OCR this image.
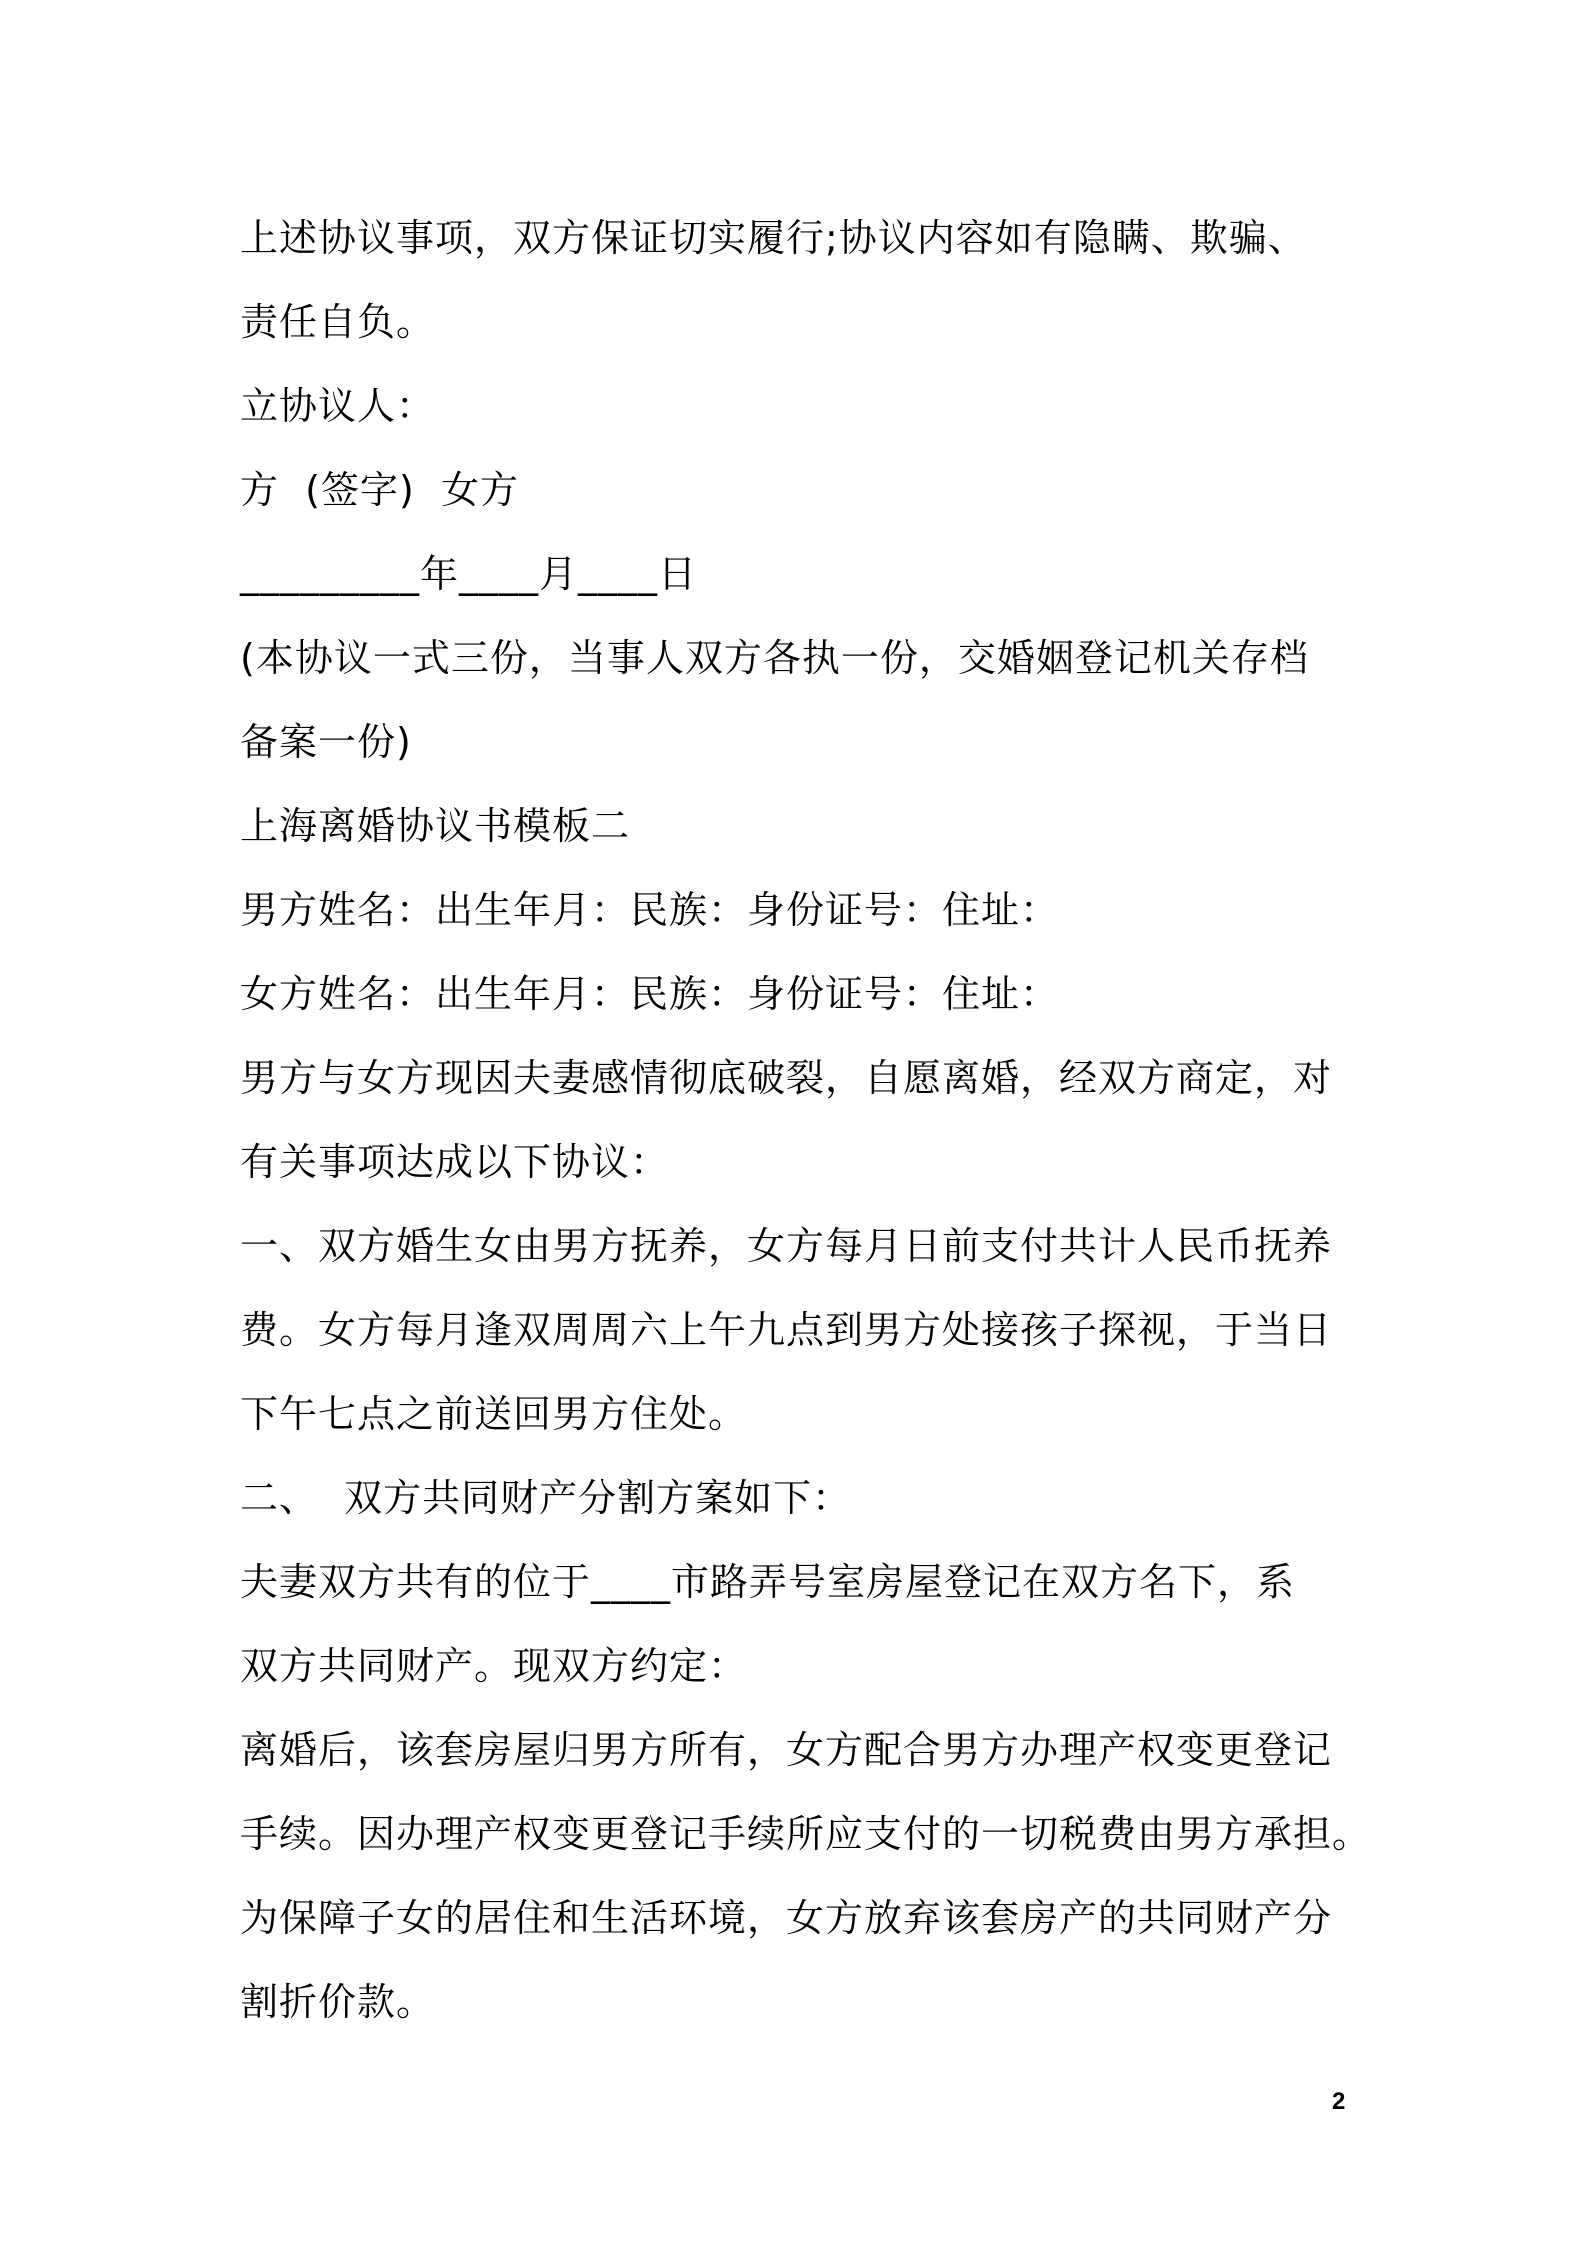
上述协议事项，双方保证切实履行;协议内容如有隐瞒、欺骗、
责任自负。
立协议人：
方  (签字)  女方
_________年____月____日
(本协议一式三份，当事人双方各执一份，交婚姻登记机关存档
备案一份)
上海离婚协议书模板二
男方姓名：出生年月：民族：身份证号：住址：
女方姓名：出生年月：民族：身份证号：住址：
男方与女方现因夫妻感情彻底破裂，自愿离婚，经双方商定，对
有关事项达成以下协议：
一、双方婚生女由男方抚养，女方每月日前支付共计人民币抚养
费。女方每月逢双周周六上午九点到男方处接孩子探视，于当日
下午七点之前送回男方住处。
二、  双方共同财产分割方案如下：
夫妻双方共有的位于____市路弄号室房屋登记在双方名下，系
双方共同财产。现双方约定：
离婚后，该套房屋归男方所有，女方配合男方办理产权变更登记
手续。因办理产权变更登记手续所应支付的一切税费由男方承担。
为保障子女的居住和生活环境，女方放弃该套房产的共同财产分
割折价款。
2
